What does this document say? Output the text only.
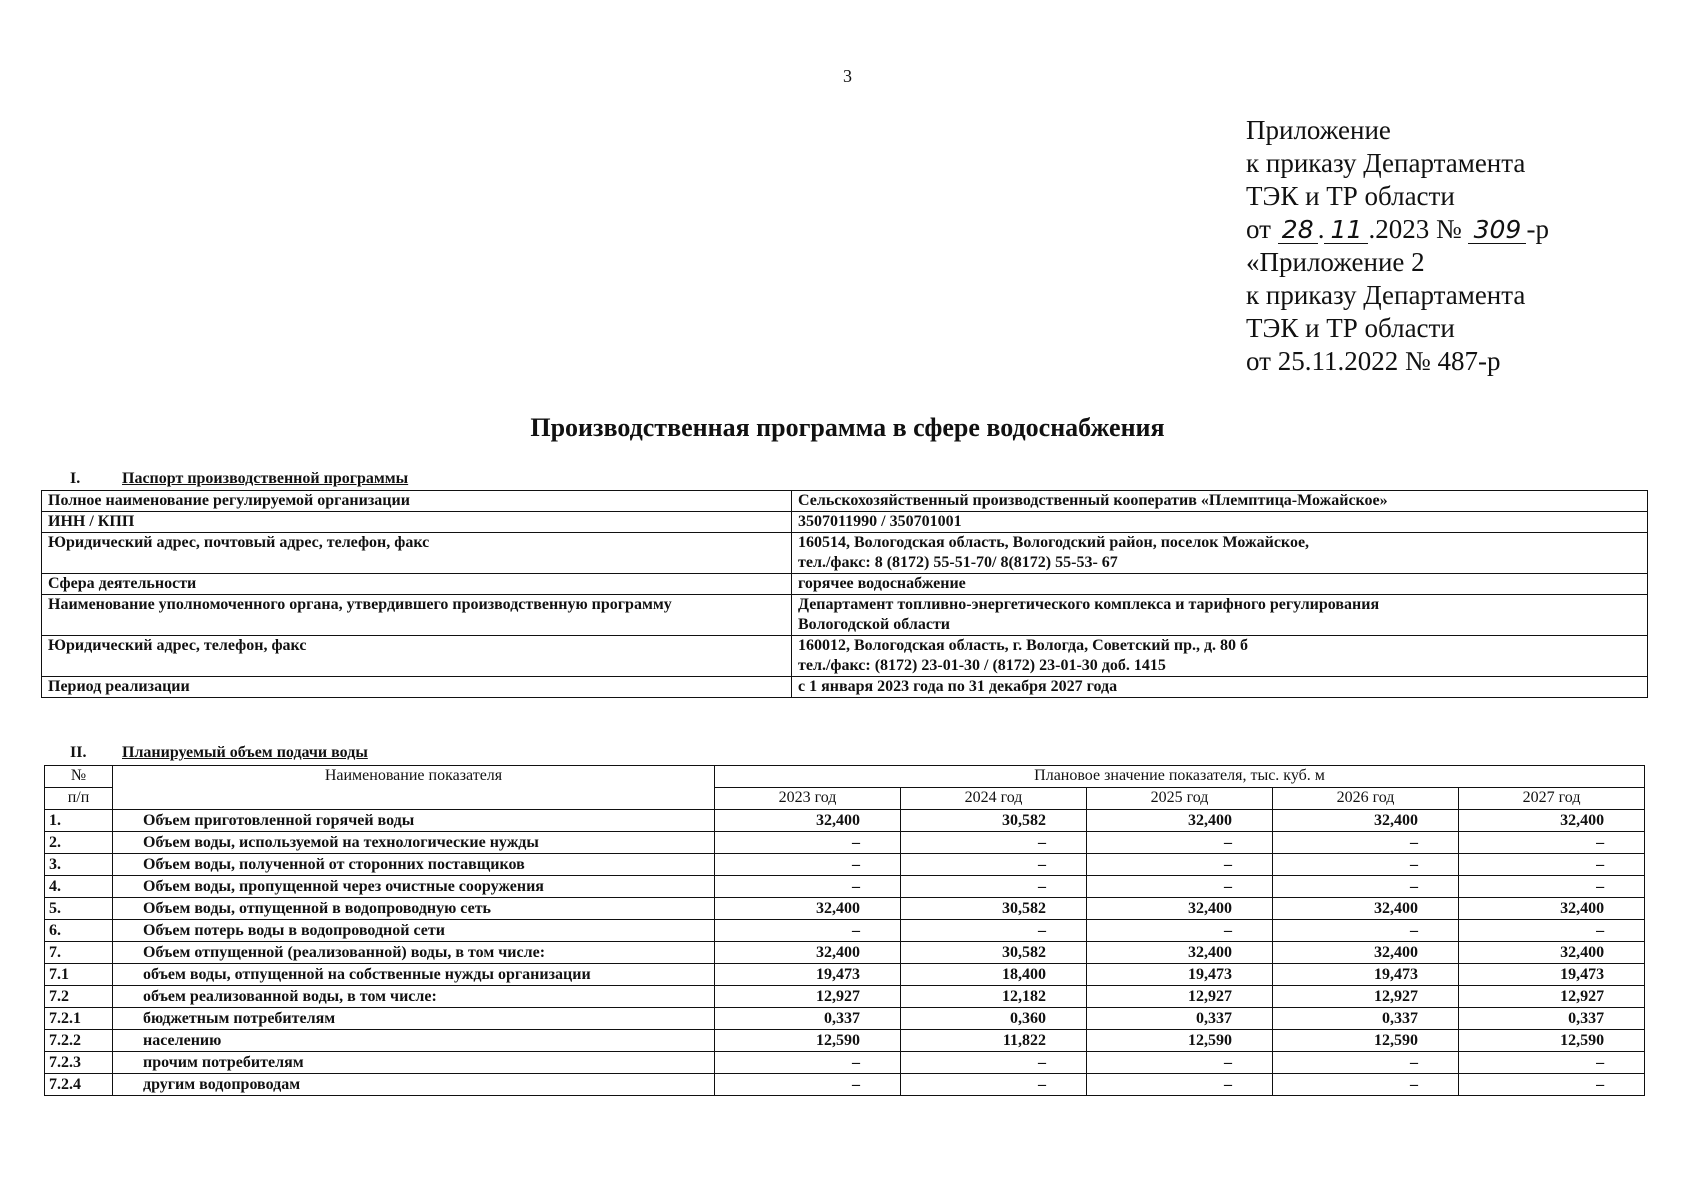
3
Приложение
к приказу Департамента
ТЭК и ТР области
от 28 . 11 .2023 № 309 -р
«Приложение 2
к приказу Департамента
ТЭК и ТР области
от 25.11.2022 № 487-р
Производственная программа в сфере водоснабжения
I.	Паспорт производственной программы
Полное наименование регулируемой организации	Сельскохозяйственный производственный кооператив «Племптица-Можайское»

ИНН / КПП	3507011990 / 350701001

Юридический адрес, почтовый адрес, телефон, факс	160514, Вологодская область, Вологодский район, поселок Можайское,
тел./факс: 8 (8172) 55-51-70/ 8(8172) 55-53- 67

Сфера деятельности	горячее водоснабжение

Наименование уполномоченного органа, утвердившего производственную программу	Департамент топливно-энергетического комплекса и тарифного регулирования
Вологодской области

Юридический адрес, телефон, факс	160012, Вологодская область, г. Вологда, Советский пр., д. 80 б
тел./факс: (8172) 23-01-30 / (8172) 23-01-30 доб. 1415

Период реализации	с 1 января 2023 года по 31 декабря 2027 года
II. Планируемый объем подачи воды
№	Наименование показателя	Плановое значение показателя, тыс. куб. м				
п/п		2023 год	2024 год	2025 год	2026 год	2027 год
1.	Объем приготовленной горячей воды	32,400	30,582	32,400	32,400	32,400
2.	Объем воды, используемой на технологические нужды	–	–	–	–	–
3.	Объем воды, полученной от сторонних поставщиков	–	–	–	–	–
4.	Объем воды, пропущенной через очистные сооружения	–	–	–	–	–
5.	Объем воды, отпущенной в водопроводную сеть	32,400	30,582	32,400	32,400	32,400
6.	Объем потерь воды в водопроводной сети	–	–	–	–	–
7.	Объем отпущенной (реализованной) воды, в том числе:	32,400	30,582	32,400	32,400	32,400
7.1	объем воды, отпущенной на собственные нужды организации	19,473	18,400	19,473	19,473	19,473
7.2	объем реализованной воды, в том числе:	12,927	12,182	12,927	12,927	12,927
7.2.1	бюджетным потребителям	0,337	0,360	0,337	0,337	0,337
7.2.2	населению	12,590	11,822	12,590	12,590	12,590
7.2.3	прочим потребителям	–	–	–	–	–
7.2.4	другим водопроводам	–	–	–	–	–
